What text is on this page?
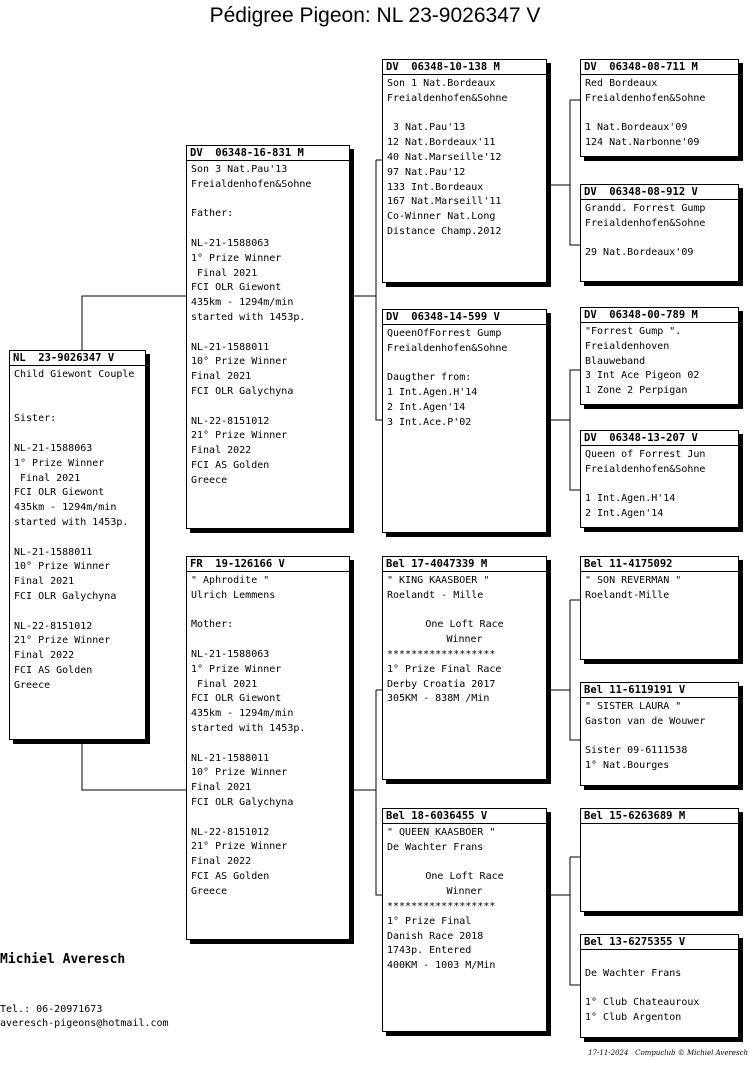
Pédigree Pigeon: NL 23-9026347 V
NL  23-9026347 V
Child Giewont Couple
Sister:
NL-21-1588063
1° Prize Winner
Final 2021
FCI OLR Giewont
435km - 1294m/min
started with 1453p.
NL-21-1588011
10° Prize Winner
Final 2021
FCI OLR Galychyna
NL-22-8151012
21° Prize Winner
Final 2022
FCI AS Golden
Greece
DV  06348-16-831 M
Son 3 Nat.Pau'13
Freialdenhofen&Sohne
Father:
NL-21-1588063
1° Prize Winner
Final 2021
FCI OLR Giewont
435km - 1294m/min
started with 1453p.
NL-21-1588011
10° Prize Winner
Final 2021
FCI OLR Galychyna
NL-22-8151012
21° Prize Winner
Final 2022
FCI AS Golden
Greece
FR  19-126166 V
" Aphrodite "
Ulrich Lemmens
Mother:
NL-21-1588063
1° Prize Winner
Final 2021
FCI OLR Giewont
435km - 1294m/min
started with 1453p.
NL-21-1588011
10° Prize Winner
Final 2021
FCI OLR Galychyna
NL-22-8151012
21° Prize Winner
Final 2022
FCI AS Golden
Greece
DV  06348-10-138 M
Son 1 Nat.Bordeaux
Freialdenhofen&Sohne
3 Nat.Pau'13
12 Nat.Bordeaux'11
40 Nat.Marseille'12
97 Nat.Pau'12
133 Int.Bordeaux
167 Nat.Marseill'11
Co-Winner Nat.Long
Distance Champ.2012
DV  06348-14-599 V
QueenOfForrest Gump
Freialdenhofen&Sohne
Daugther from:
1 Int.Agen.H'14
2 Int.Agen'14
3 Int.Ace.P'02
Bel 17-4047339 M
" KING KAASBOER "
Roelandt - Mille
One Loft Race
Winner
******************
1° Prize Final Race
Derby Croatia 2017
305KM - 838M /Min
Bel 18-6036455 V
" QUEEN KAASBOER "
De Wachter Frans
One Loft Race
Winner
******************
1° Prize Final
Danish Race 2018
1743p. Entered
400KM - 1003 M/Min
DV  06348-08-711 M
Red Bordeaux
Freialdenhofen&Sohne
1 Nat.Bordeaux'09
124 Nat.Narbonne'09
DV  06348-08-912 V
Grandd. Forrest Gump
Freialdenhofen&Sohne
29 Nat.Bordeaux'09
DV  06348-00-789 M
"Forrest Gump ".
Freialdenhoven
Blauweband
3 Int Ace Pigeon 02
1 Zone 2 Perpigan
DV  06348-13-207 V
Queen of Forrest Jun
Freialdenhofen&Sohne
1 Int.Agen.H'14
2 Int.Agen'14
Bel 11-4175092
" SON REVERMAN "
Roelandt-Mille
Bel 11-6119191 V
" SISTER LAURA "
Gaston van de Wouwer
Sister 09-6111538
1° Nat.Bourges
Bel 15-6263689 M
Bel 13-6275355 V
De Wachter Frans
1° Club Chateauroux
1° Club Argenton
Michiel Averesch
Tel.: 06-20971673
averesch-pigeons@hotmail.com
17-11-2024   Compuclub © Michiel Averesch
